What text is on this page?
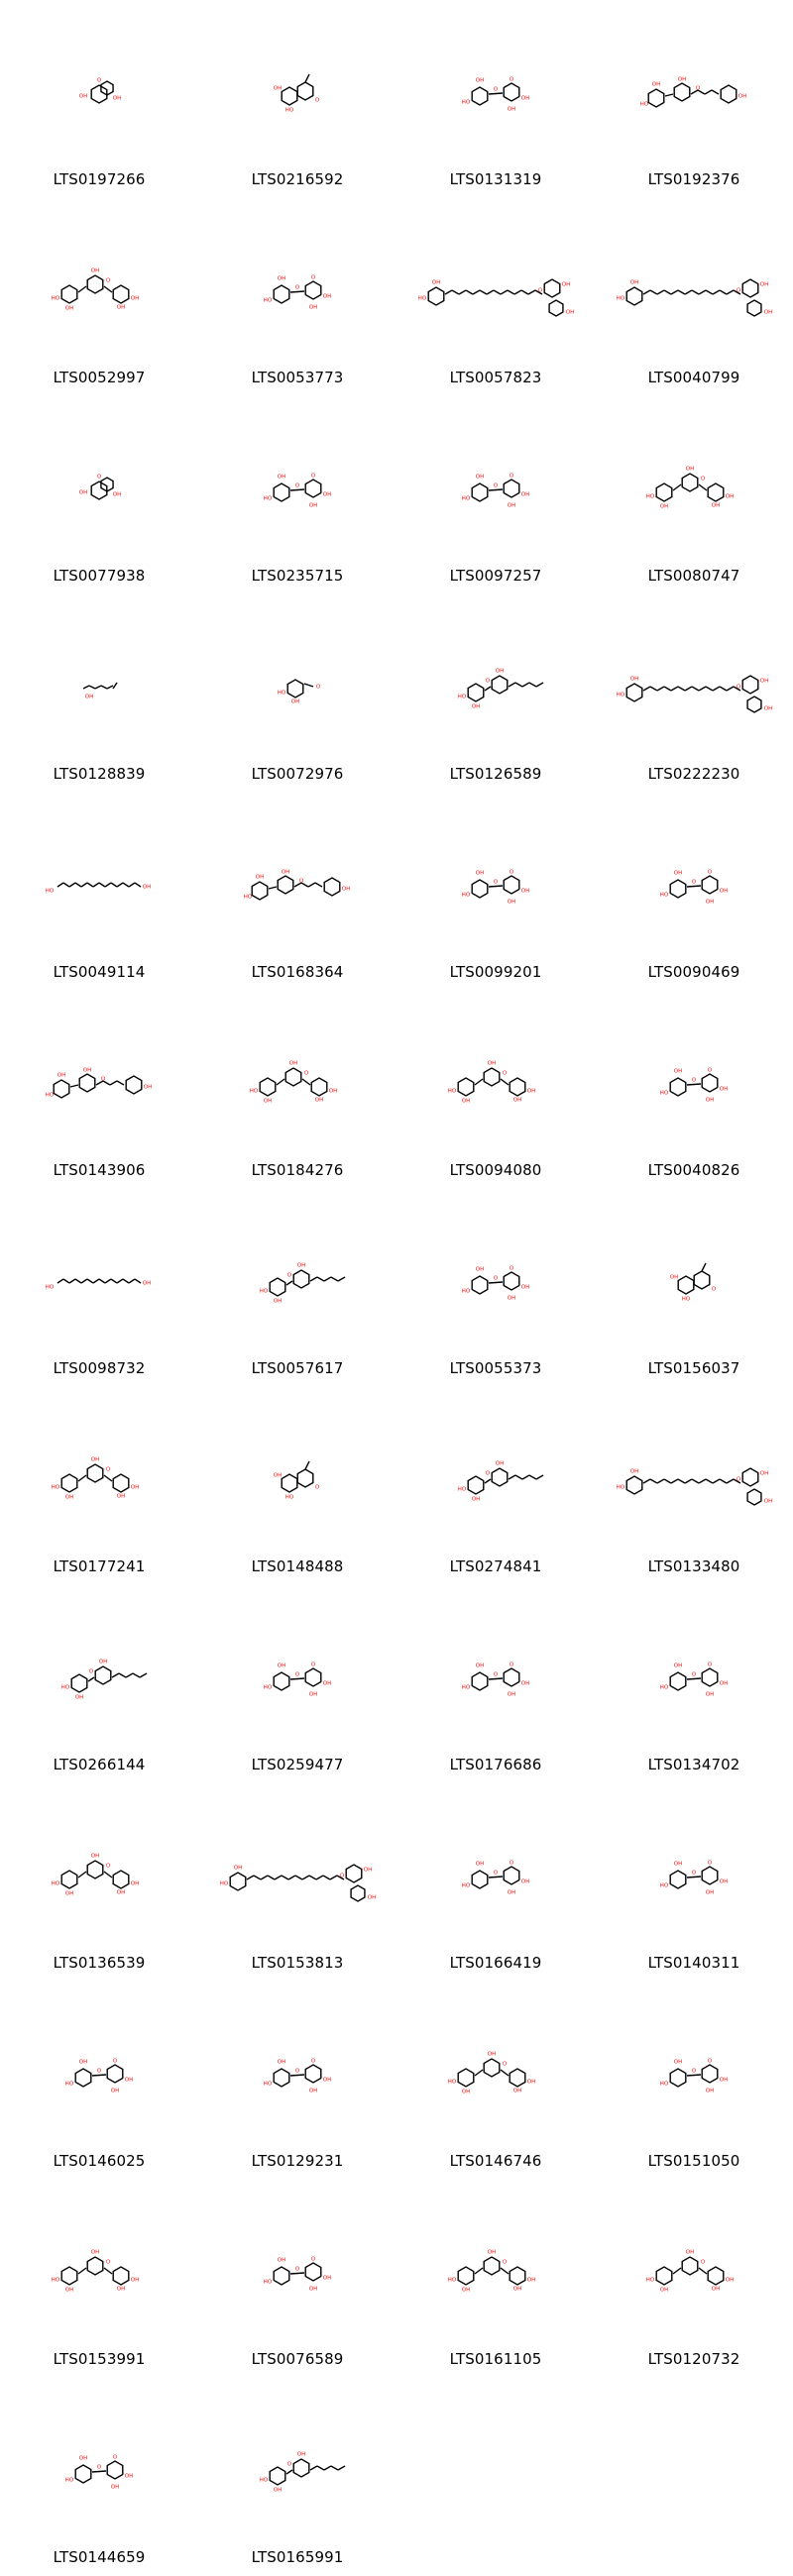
OH	OH
O
LTS0197266
OH
HO
O
LTS0216592
O
HO
OH
OH
OH
O
LTS0131319
HO
OH
OH
OH
O
LTS0192376
HO
OH
OH
OH
OH
O
LTS0052997
O
HO
OH
OH
OH
O
LTS0053773
HO
OH	OH
OH
O
LTS0057823
HO
OH	OH
OH
O
LTS0040799
OH	OH
O
LTS0077938
O
HO
OH
OH
OH
O
LTS0235715
O
HO
OH
OH
OH
O
LTS0097257
HO
OH
OH
OH
OH
O
LTS0080747
OH
LTS0128839
HO
OH
O
LTS0072976
HO
OH
OH
O
LTS0126589
HO
OH	OH
OH
O
LTS0222230
HO
OH
LTS0049114
HO
OH
OH
OH
O
LTS0168364
O
HO
OH
OH
OH
O
LTS0099201
O
HO
OH
OH
OH
O
LTS0090469
HO
OH
OH
OH
O
LTS0143906
HO
OH
OH
OH
OH
O
LTS0184276
HO
OH
OH
OH
OH
O
LTS0094080
O
HO
OH
OH
OH
O
LTS0040826
HO
OH
LTS0098732
HO
OH
OH
O
LTS0057617
O
HO
OH
OH
OH
O
LTS0055373
OH
HO
O
LTS0156037
HO
OH
OH
OH
OH
O
LTS0177241
OH
HO
O
LTS0148488
HO
OH
OH
O
LTS0274841
HO
OH	OH
OH
O
LTS0133480
HO
OH
OH
O
LTS0266144
O
HO
OH
OH
OH
O
LTS0259477
O
HO
OH
OH
OH
O
LTS0176686
O
HO
OH
OH
OH
O
LTS0134702
HO
OH
OH
OH
OH
O
LTS0136539
HO
OH	OH
OH
O
LTS0153813
O
HO
OH
OH
OH
O
LTS0166419
O
HO
OH
OH
OH
O
LTS0140311
O
HO
OH
OH
OH
O
LTS0146025
O
HO
OH
OH
OH
O
LTS0129231
HO
OH
OH
OH
OH
O
LTS0146746
O
HO
OH
OH
OH
O
LTS0151050
HO
OH
OH
OH
OH
O
LTS0153991
O
HO
OH
OH
OH
O
LTS0076589
HO
OH
OH
OH
OH
O
LTS0161105
HO
OH
OH
OH
OH
O
LTS0120732
O
HO
OH
OH
OH
O
LTS0144659
HO
OH
OH
O
LTS0165991
